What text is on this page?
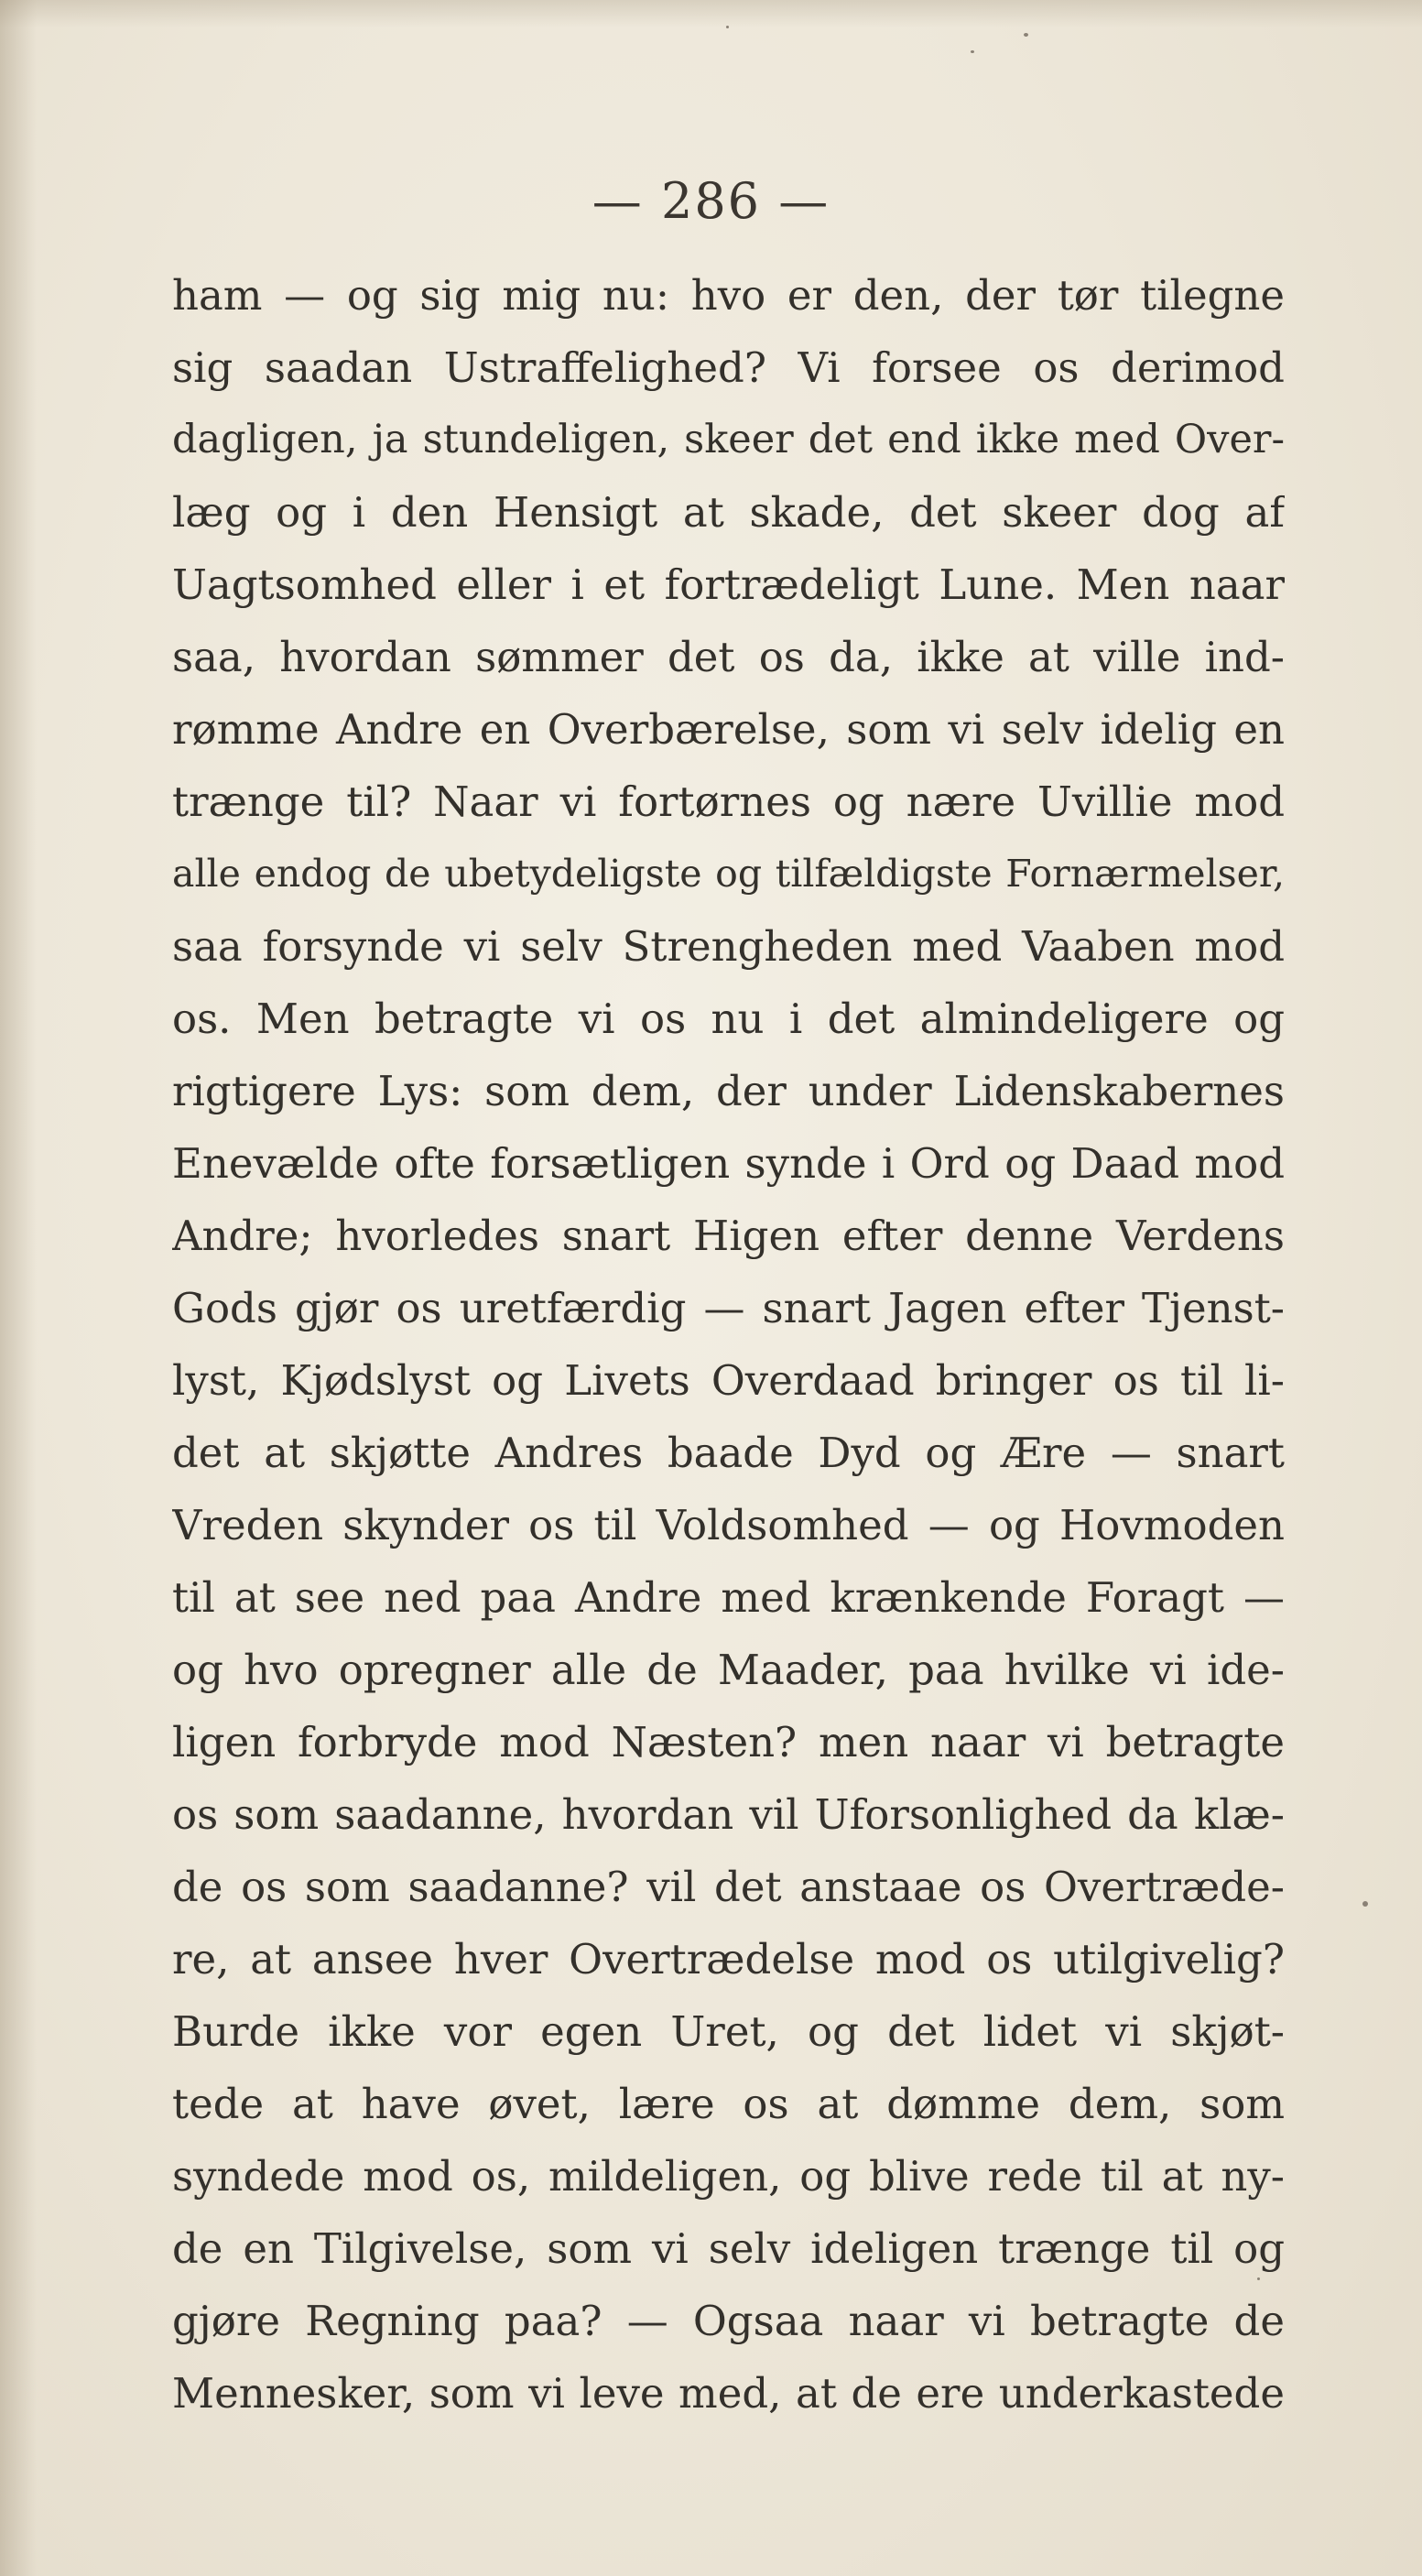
— 286 —
ham — og sig mig nu: hvo er den, der tør tilegne
sig saadan Ustraffelighed? Vi forsee os derimod
dagligen, ja stundeligen, skeer det end ikke med Over-
læg og i den Hensigt at skade, det skeer dog af
Uagtsomhed eller i et fortrædeligt Lune. Men naar
saa, hvordan sømmer det os da, ikke at ville ind-
rømme Andre en Overbærelse, som vi selv idelig en
trænge til? Naar vi fortørnes og nære Uvillie mod
alle endog de ubetydeligste og tilfældigste Fornærmelser,
saa forsynde vi selv Strengheden med Vaaben mod
os. Men betragte vi os nu i det almindeligere og
rigtigere Lys: som dem, der under Lidenskabernes
Enevælde ofte forsætligen synde i Ord og Daad mod
Andre; hvorledes snart Higen efter denne Verdens
Gods gjør os uretfærdig — snart Jagen efter Tjenst-
lyst, Kjødslyst og Livets Overdaad bringer os til li-
det at skjøtte Andres baade Dyd og Ære — snart
Vreden skynder os til Voldsomhed — og Hovmoden
til at see ned paa Andre med krænkende Foragt —
og hvo opregner alle de Maader, paa hvilke vi ide-
ligen forbryde mod Næsten? men naar vi betragte
os som saadanne, hvordan vil Uforsonlighed da klæ-
de os som saadanne? vil det anstaae os Overtræde-
re, at ansee hver Overtrædelse mod os utilgivelig?
Burde ikke vor egen Uret, og det lidet vi skjøt-
tede at have øvet, lære os at dømme dem, som
syndede mod os, mildeligen, og blive rede til at ny-
de en Tilgivelse, som vi selv ideligen trænge til og
gjøre Regning paa? — Ogsaa naar vi betragte de
Mennesker, som vi leve med, at de ere underkastede
